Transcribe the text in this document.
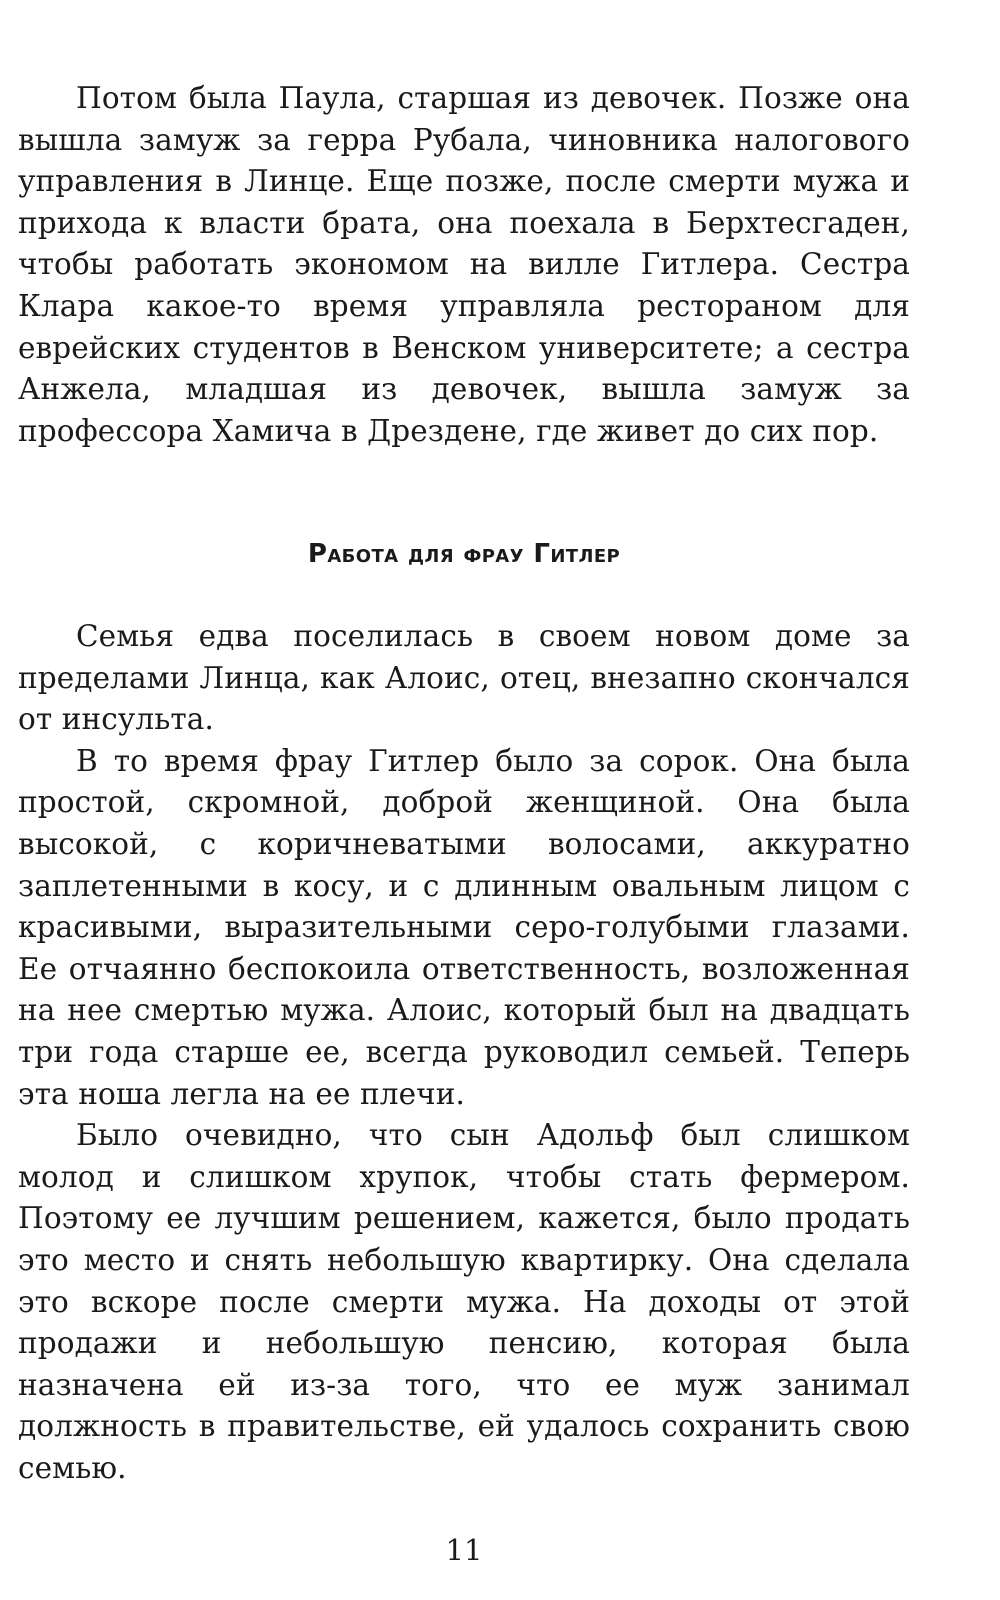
Потом была Паула, старшая из девочек. Позже она вышла замуж за герра Рубала, чиновника налогового управления в Линце. Еще позже, после смерти мужа и прихода к власти брата, она поехала в Берхтесгаден, чтобы работать экономом на вилле Гитлера. Сестра Клара какое-то время управляла рестораном для еврейских студентов в Венском университете; а сестра Анжела, младшая из девочек, вышла замуж за профессора Хамича в Дрездене, где живет до сих пор.

Работа для фрау Гитлер

Семья едва поселилась в своем новом доме за пределами Линца, как Алоис, отец, внезапно скончался от инсульта.

В то время фрау Гитлер было за сорок. Она была простой, скромной, доброй женщиной. Она была высокой, с коричневатыми волосами, аккуратно заплетенными в косу, и с длинным овальным лицом с красивыми, выразительными серо-голубыми глазами. Ее отчаянно беспокоила ответственность, возложенная на нее смертью мужа. Алоис, который был на двадцать три года старше ее, всегда руководил семьей. Теперь эта ноша легла на ее плечи.

Было очевидно, что сын Адольф был слишком молод и слишком хрупок, чтобы стать фермером. Поэтому ее лучшим решением, кажется, было продать это место и снять небольшую квартирку. Она сделала это вскоре после смерти мужа. На доходы от этой продажи и небольшую пенсию, которая была назначена ей из-за того, что ее муж занимал должность в правительстве, ей удалось сохранить свою семью.

11
